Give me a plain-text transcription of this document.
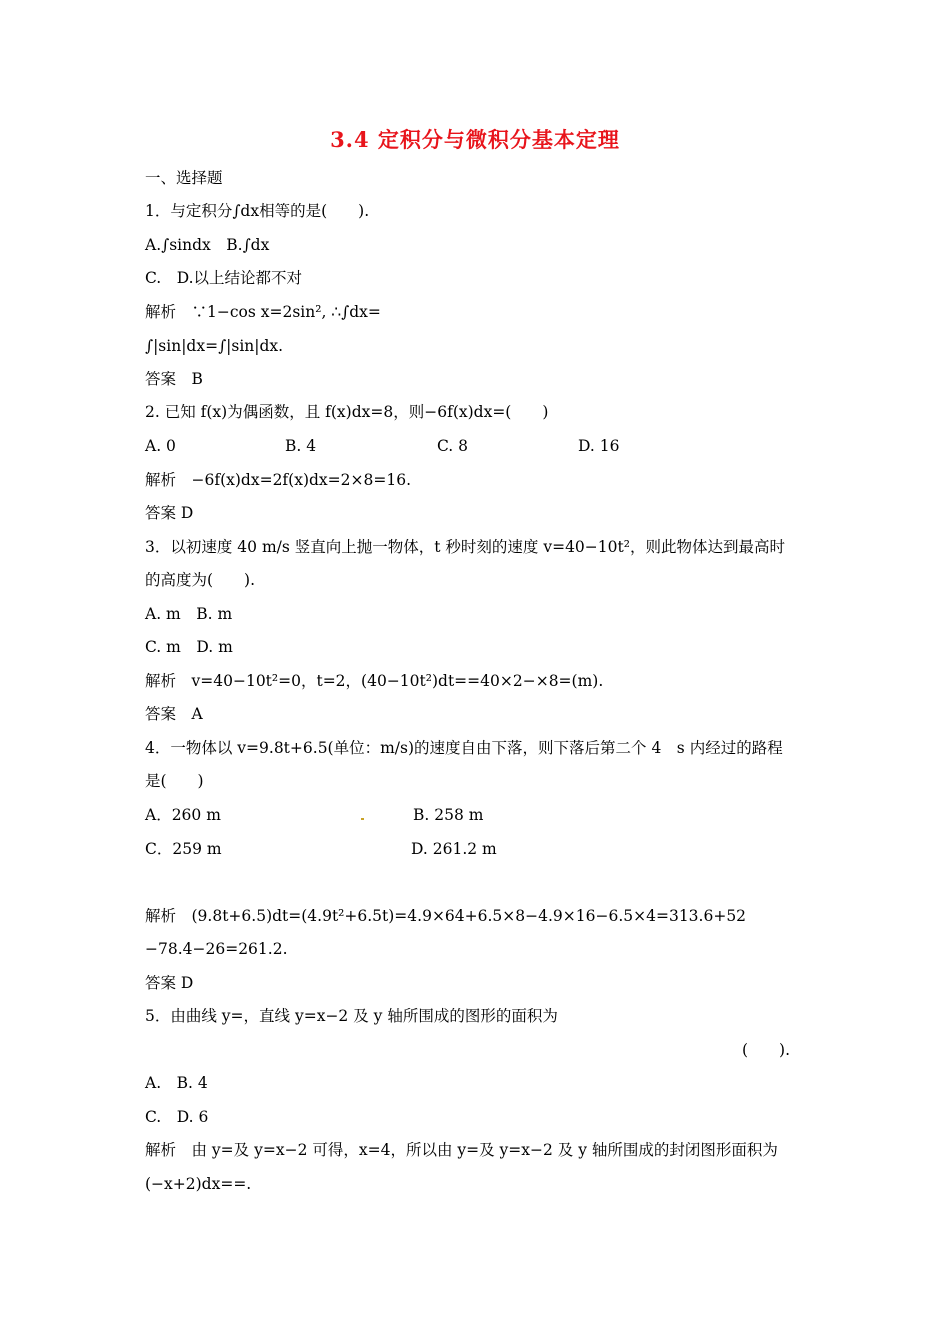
3.4 定积分与微积分基本定理
一、选择题
1．与定积分∫dx相等的是(　　).
A.∫sindx　B.∫dx
C.　D.以上结论都不对
解析　∵1−cos x=2sin², ∴∫dx=
∫|sin|dx=∫|sin|dx.
答案　B
2. 已知 f(x)为偶函数，且 f(x)dx=8，则−6f(x)dx=(　　)
A. 0	B. 4	C. 8	D. 16
解析　−6f(x)dx=2f(x)dx=2×8=16.
答案 D
3．以初速度 40 m/s 竖直向上抛一物体，t 秒时刻的速度 v=40−10t²，则此物体达到最高时
的高度为(　　).
A. m　B. m
C. m　D. m
解析　v=40−10t²=0，t=2，(40−10t²)dt==40×2−×8=(m).
答案　A
4．一物体以 v=9.8t+6.5(单位：m/s)的速度自由下落，则下落后第二个 4　s 内经过的路程
是(　　)
A．260 m	B. 258 m
C．259 m	D. 261.2 m
解析　(9.8t+6.5)dt=(4.9t²+6.5t)=4.9×64+6.5×8−4.9×16−6.5×4=313.6+52
−78.4−26=261.2.
答案 D
5．由曲线 y=，直线 y=x−2 及 y 轴所围成的图形的面积为
(　　).
A.　B. 4
C.　D. 6
解析　由 y=及 y=x−2 可得，x=4，所以由 y=及 y=x−2 及 y 轴所围成的封闭图形面积为
(−x+2)dx==.
